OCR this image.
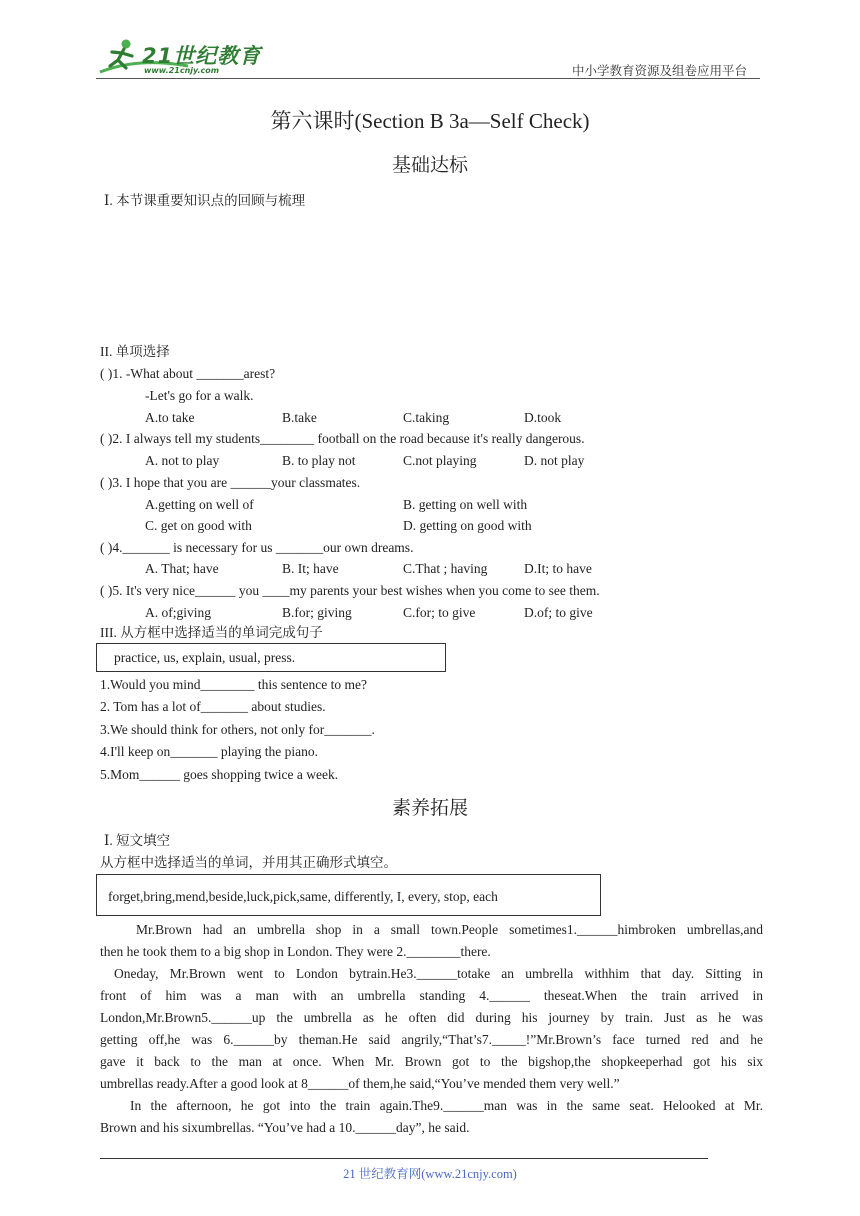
21世纪教育
www.21cnjy.com	中小学教育资源及组卷应用平台
第六课时(Section B 3a—Self Check)
基础达标
Ⅰ. 本节课重要知识点的回顾与梳理
II. 单项选择
( )1. -What about _______arest?
-Let's go for a walk.
A.to take	B.take	C.taking	D.took
( )2. I always tell my students________ football on the road because it's really dangerous.
A. not to play	B. to play not	C.not playing	D. not play
( )3. I hope that you are ______your classmates.
A.getting on well of	B. getting on well with
C. get on good with	D. getting on good with
( )4._______ is necessary for us _______our own dreams.
A. That; have	B. It; have	C.That ; having	D.It; to have
( )5. It's very nice______ you ____my parents your best wishes when you come to see them.
A. of;giving	B.for; giving	C.for; to give	D.of; to give
III. 从方框中选择适当的单词完成句子
practice, us, explain, usual, press.
1.Would you mind________ this sentence to me?
2. Tom has a lot of_______ about studies.
3.We should think for others, not only for_______.
4.I'll keep on_______ playing the piano.
5.Mom______ goes shopping twice a week.
素养拓展
Ⅰ. 短文填空
从方框中选择适当的单词，并用其正确形式填空。
forget,bring,mend,beside,luck,pick,same, differently, I, every, stop, each

Mr.Brown had an umbrella shop in a small town.People sometimes1.______himbroken umbrellas,and

then he took them to a big shop in London. They were 2.________there.

Oneday, Mr.Brown went to London bytrain.He3.______totake an umbrella withhim that day. Sitting in

front of him was a man with an umbrella standing 4.______ theseat.When the train arrived in

London,Mr.Brown5.______up the umbrella as he often did during his journey by train. Just as he was

getting off,he was 6.______by theman.He said angrily,“That’s7._____!”Mr.Brown’s face turned red and he

gave it back to the man at once. When Mr. Brown got to the bigshop,the shopkeeperhad got his six

umbrellas ready.After a good look at 8______of them,he said,“You’ve mended them very well.”

In the afternoon, he got into the train again.The9.______man was in the same seat. Helooked at Mr.

Brown and his sixumbrellas. “You’ve had a 10.______day”, he said.

21 世纪教育网(www.21cnjy.com)
